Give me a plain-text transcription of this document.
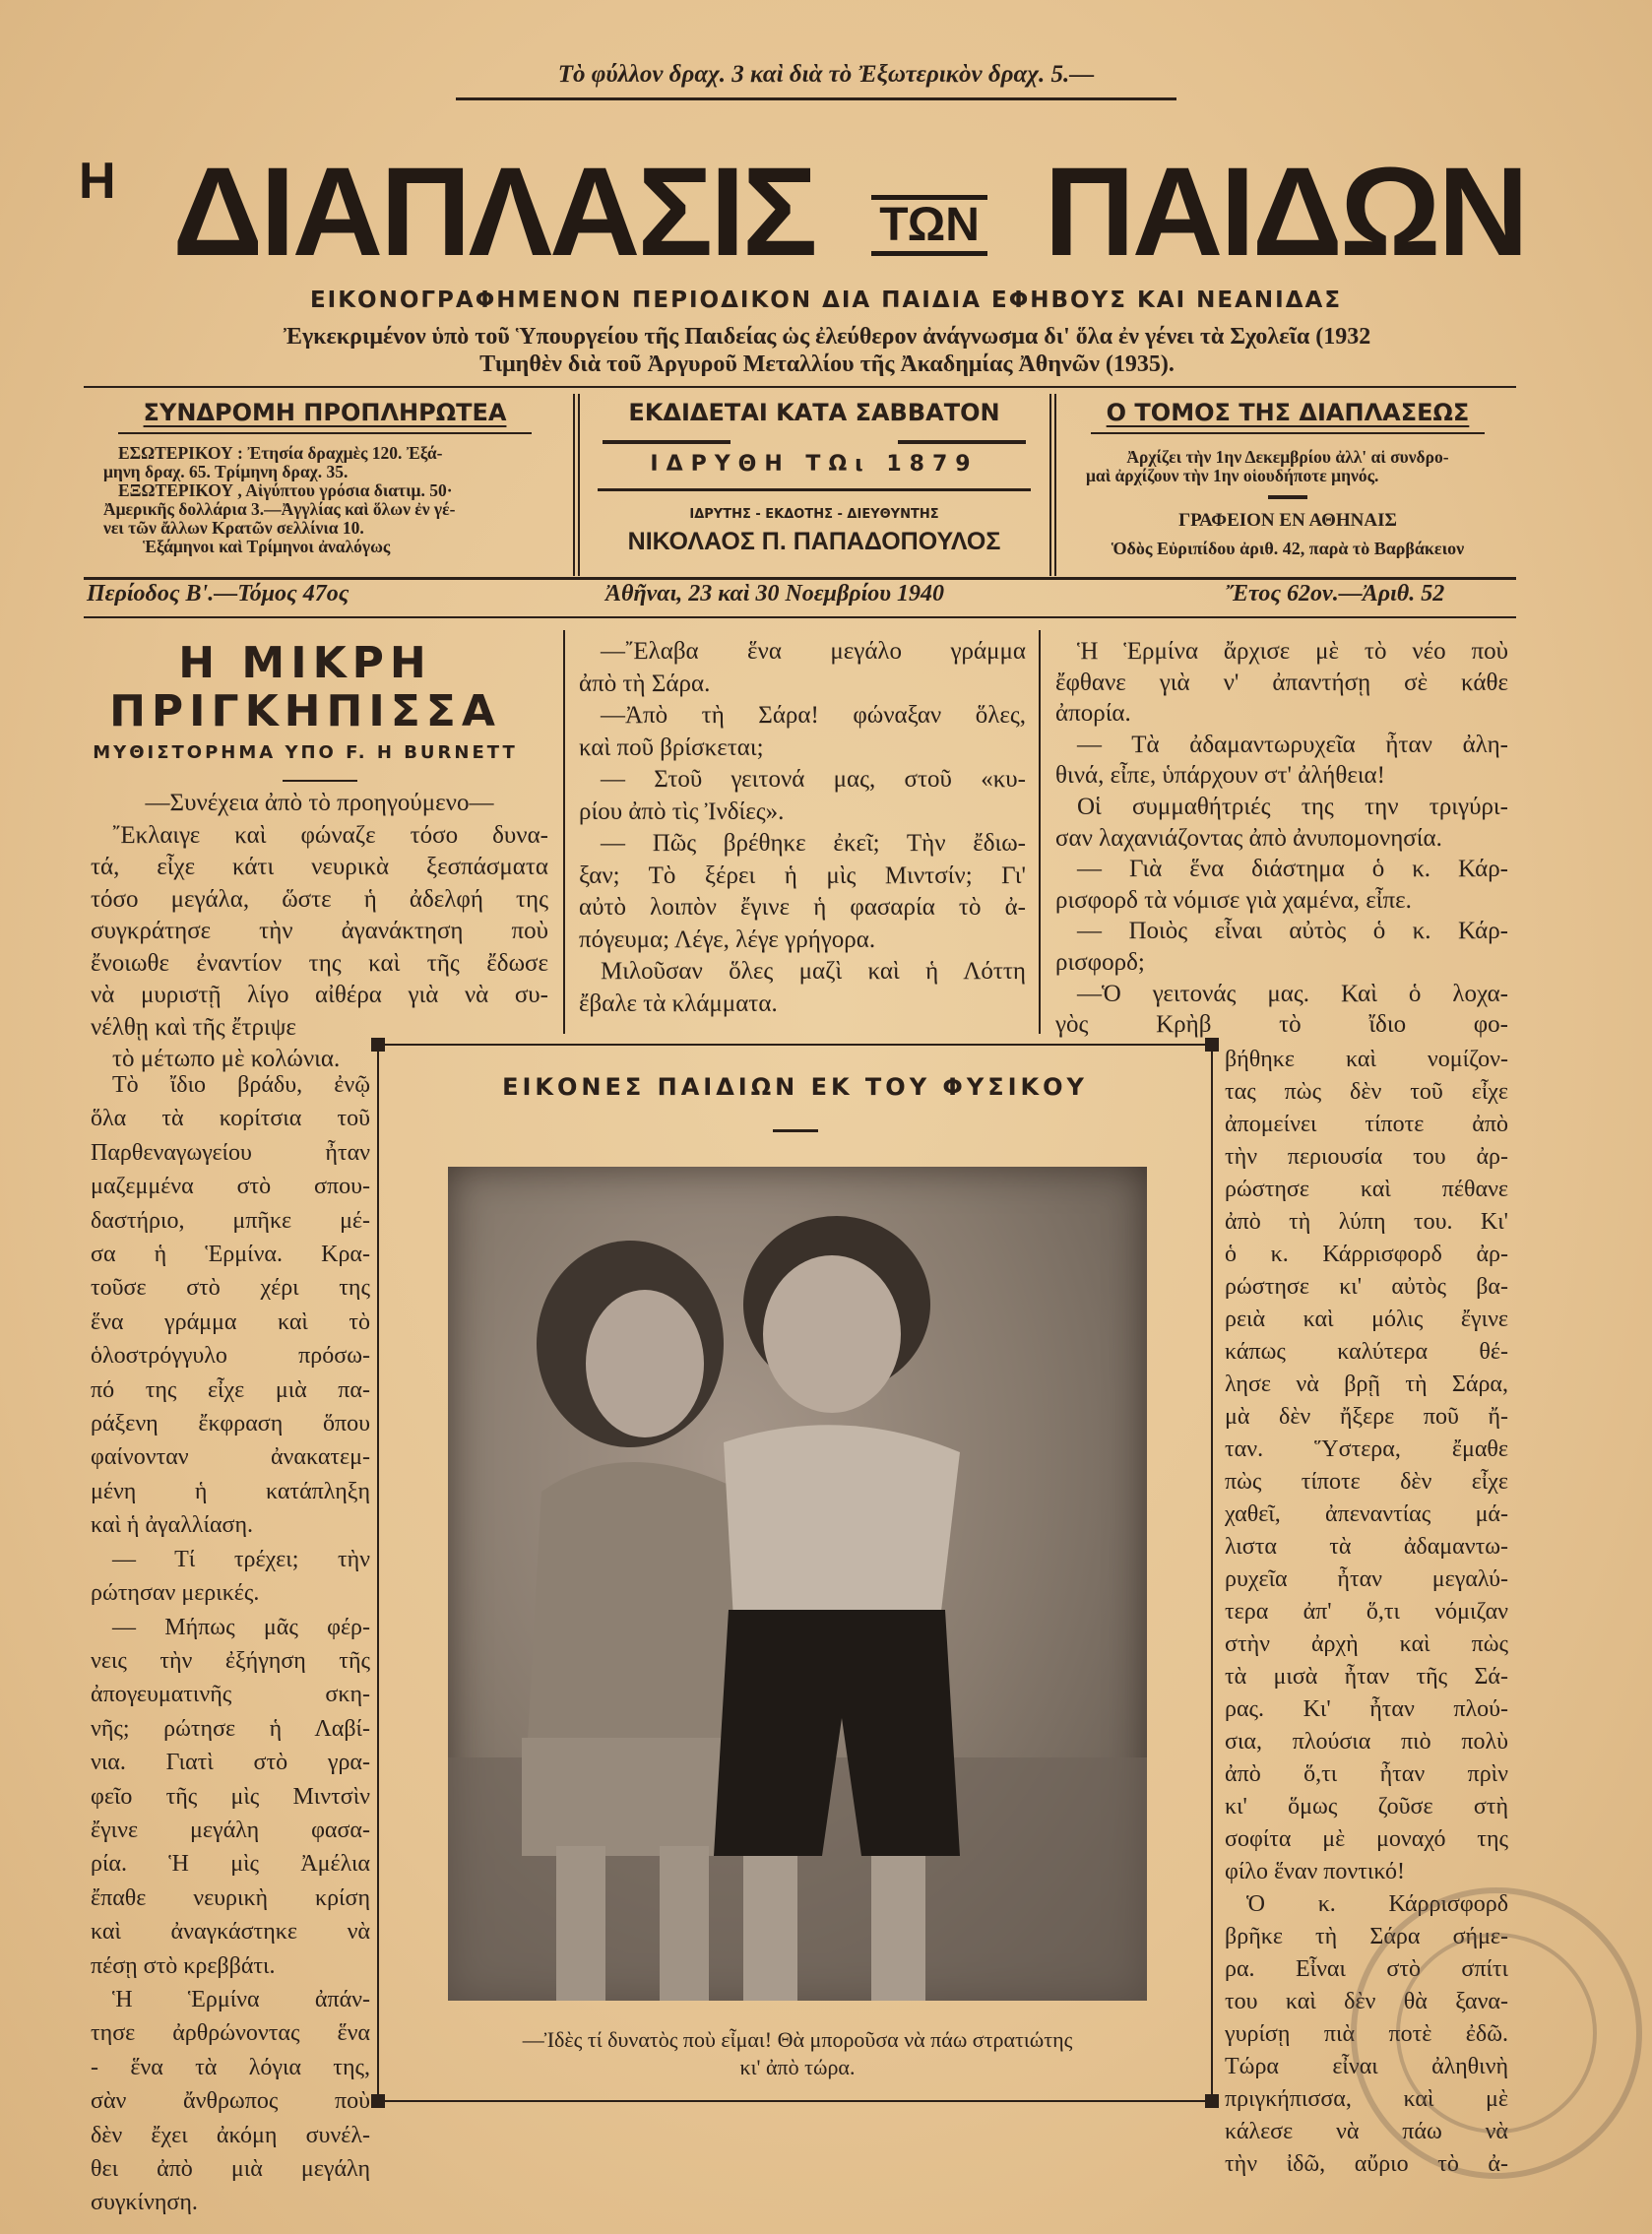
Τὸ φύλλον δραχ. 3 καὶ διὰ τὸ Ἐξωτερικὸν δραχ. 5.—
Η ΔΙΑΠΛΑΣΙΣ ΤΩΝ ΠΑΙΔΩΝ
ΕΙΚΟΝΟΓΡΑΦΗΜΕΝΟΝ ΠΕΡΙΟΔΙΚΟΝ ΔΙΑ ΠΑΙΔΙΑ ΕΦΗΒΟΥΣ ΚΑΙ ΝΕΑΝΙΔΑΣ
Ἐγκεκριμένον ὑπὸ τοῦ Ὑπουργείου τῆς Παιδείας ὡς ἐλεύθερον ἀνάγνωσμα δι' ὅλα ἐν γένει τὰ Σχολεῖα (1932
Τιμηθὲν διὰ τοῦ Ἀργυροῦ Μεταλλίου τῆς Ἀκαδημίας Ἀθηνῶν (1935).
ΣΥΝΔΡΟΜΗ ΠΡΟΠΛΗΡΩΤΕΑ

ΕΣΩΤΕΡΙΚΟΥ : Ἐτησία δραχμὲς 120. Ἐξά-

μηνη δραχ. 65. Τρίμηνη δραχ. 35.

ΕΞΩΤΕΡΙΚΟΥ , Αἰγύπτου γρόσια διατιμ. 50·

Ἀμερικῆς δολλάρια 3.—Ἀγγλίας καὶ ὅλων ἐν γέ-

νει τῶν ἄλλων Κρατῶν σελλίνια 10.

Ἑξάμηνοι καὶ Τρίμηνοι ἀναλόγως

ΕΚΔΙΔΕΤΑΙ ΚΑΤΑ ΣΑΒΒΑΤΟΝ
ΙΔΡΥΘΗ ΤΩι 1879
ΙΔΡΥΤΗΣ - ΕΚΔΟΤΗΣ - ΔΙΕΥΘΥΝΤΗΣ
ΝΙΚΟΛΑΟΣ Π. ΠΑΠΑΔΟΠΟΥΛΟΣ
Ο ΤΟΜΟΣ ΤΗΣ ΔΙΑΠΛΑΣΕΩΣ

Ἀρχίζει τὴν 1ην Δεκεμβρίου ἀλλ' αἱ συνδρο-

μαὶ ἀρχίζουν τὴν 1ην οἱουδήποτε μηνός.

ΓΡΑΦΕΙΟΝ ΕΝ ΑΘΗΝΑΙΣ

Ὁδὸς Εὐριπίδου ἀριθ. 42, παρὰ τὸ Βαρβάκειον

Περίοδος Β'.—Τόμος 47ος	Ἀθῆναι, 23 καὶ 30 Νοεμβρίου 1940	Ἔτος 62ον.—Ἀριθ. 52
Η ΜΙΚΡΗ
ΠΡΙΓΚΗΠΙΣΣΑ
ΜΥΘΙΣΤΟΡΗΜΑ ΥΠΟ F. H BURNETT
—Συνέχεια ἀπὸ τὸ προηγούμενο—
῎Εκλαιγε καὶ φώναζε τόσο δυνα-
τά, εἶχε κάτι νευρικὰ ξεσπάσματα
τόσο μεγάλα, ὥστε ἡ ἀδελφή της
συγκράτησε τὴν ἀγανάκτηση ποὺ
ἔνοιωθε ἐναντίον της καὶ τῆς ἔδωσε
νὰ μυριστῇ λίγο αἰθέρα γιὰ νὰ συ-
νέλθῃ καὶ τῆς ἔτριψε
τὸ μέτωπο μὲ κολώνια.
Τὸ ἴδιο βράδυ, ἐνῷ
ὅλα τὰ κορίτσια τοῦ
Παρθεναγωγείου ἦταν
μαζεμμένα στὸ σπου-
δαστήριο, μπῆκε μέ-
σα ἡ Ἑρμίνα. Κρα-
τοῦσε στὸ χέρι της
ἕνα γράμμα καὶ τὸ
ὁλοστρόγγυλο πρόσω-
πό της εἶχε μιὰ πα-
ράξενη ἔκφραση ὅπου
φαίνονταν ἀνακατεμ-
μένη ἡ κατάπληξη
καὶ ἡ ἀγαλλίαση.
— Τί τρέχει; τὴν
ρώτησαν μερικές.
— Μήπως μᾶς φέρ-
νεις τὴν ἐξήγηση τῆς
ἀπογευματινῆς σκη-
νῆς; ρώτησε ἡ Λαβί-
νια. Γιατὶ στὸ γρα-
φεῖο τῆς μὶς Μιντσὶν
ἔγινε μεγάλη φασα-
ρία. Ἡ μὶς Ἀμέλια
ἔπαθε νευρικὴ κρίση
καὶ ἀναγκάστηκε νὰ
πέσῃ στὸ κρεββάτι.
Ἡ Ἑρμίνα ἀπάν-
τησε ἀρθρώνοντας ἕνα
- ἕνα τὰ λόγια της,
σὰν ἄνθρωπος ποὺ
δὲν ἔχει ἀκόμη συνέλ-
θει ἀπὸ μιὰ μεγάλη
συγκίνηση.
—῎Ελαβα ἕνα μεγάλο γράμμα
ἀπὸ τὴ Σάρα.
—Ἀπὸ τὴ Σάρα! φώναξαν ὅλες,
καὶ ποῦ βρίσκεται;
— Στοῦ γειτονά μας, στοῦ «κυ-
ρίου ἀπὸ τὶς Ἰνδίες».
— Πῶς βρέθηκε ἐκεῖ; Τὴν ἔδιω-
ξαν; Τὸ ξέρει ἡ μὶς Μιντσίν; Γι'
αὐτὸ λοιπὸν ἔγινε ἡ φασαρία τὸ ἀ-
πόγευμα; Λέγε, λέγε γρήγορα.
Μιλοῦσαν ὅλες μαζὶ καὶ ἡ Λόττη
ἔβαλε τὰ κλάμματα.
Ἡ Ἑρμίνα ἄρχισε μὲ τὸ νέο ποὺ
ἔφθανε γιὰ ν' ἀπαντήσῃ σὲ κάθε
ἀπορία.
— Τὰ ἀδαμαντωρυχεῖα ἦταν ἀλη-
θινά, εἶπε, ὑπάρχουν στ' ἀλήθεια!
Οἱ συμμαθήτριές της την τριγύρι-
σαν λαχανιάζοντας ἀπὸ ἀνυπομονησία.
— Γιὰ ἕνα διάστημα ὁ κ. Κάρ-
ρισφορδ τὰ νόμισε γιὰ χαμένα, εἶπε.
— Ποιὸς εἶναι αὐτὸς ὁ κ. Κάρ-
ρισφορδ;
—Ὁ γειτονάς μας. Καὶ ὁ λοχα-
γὸς Κρὴβ τὸ ἴδιο φο-
βήθηκε καὶ νομίζον-
τας πὼς δὲν τοῦ εἶχε
ἀπομείνει τίποτε ἀπὸ
τὴν περιουσία του ἀρ-
ρώστησε καὶ πέθανε
ἀπὸ τὴ λύπη του. Κι'
ὁ κ. Κάρρισφορδ ἀρ-
ρώστησε κι' αὐτὸς βα-
ρειὰ καὶ μόλις ἔγινε
κάπως καλύτερα θέ-
λησε νὰ βρῇ τὴ Σάρα,
μὰ δὲν ἤξερε ποῦ ἤ-
ταν. Ὕστερα, ἔμαθε
πὼς τίποτε δὲν εἶχε
χαθεῖ, ἀπεναντίας μά-
λιστα τὰ ἀδαμαντω-
ρυχεῖα ἦταν μεγαλύ-
τερα ἀπ' ὅ,τι νόμιζαν
στὴν ἀρχὴ καὶ πὼς
τὰ μισὰ ἦταν τῆς Σά-
ρας. Κι' ἦταν πλού-
σια, πλούσια πιὸ πολὺ
ἀπὸ ὅ,τι ἦταν πρὶν
κι' ὅμως ζοῦσε στὴ
σοφίτα μὲ μοναχό της
φίλο ἕναν ποντικό!
Ὁ κ. Κάρρισφορδ
βρῆκε τὴ Σάρα σήμε-
ρα. Εἶναι στὸ σπίτι
του καὶ δὲν θὰ ξανα-
γυρίσῃ πιὰ ποτὲ ἐδῶ.
Τώρα εἶναι ἀληθινὴ
πριγκήπισσα, καὶ μὲ
κάλεσε νὰ πάω νὰ
τὴν ἰδῶ, αὔριο τὸ ἀ-
ΕΙΚΟΝΕΣ ΠΑΙΔΙΩΝ ΕΚ ΤΟΥ ΦΥΣΙΚΟΥ
—Ἰδὲς τί δυνατὸς ποὺ εἶμαι! Θὰ μποροῦσα νὰ πάω στρατιώτης
κι' ἀπὸ τώρα.
